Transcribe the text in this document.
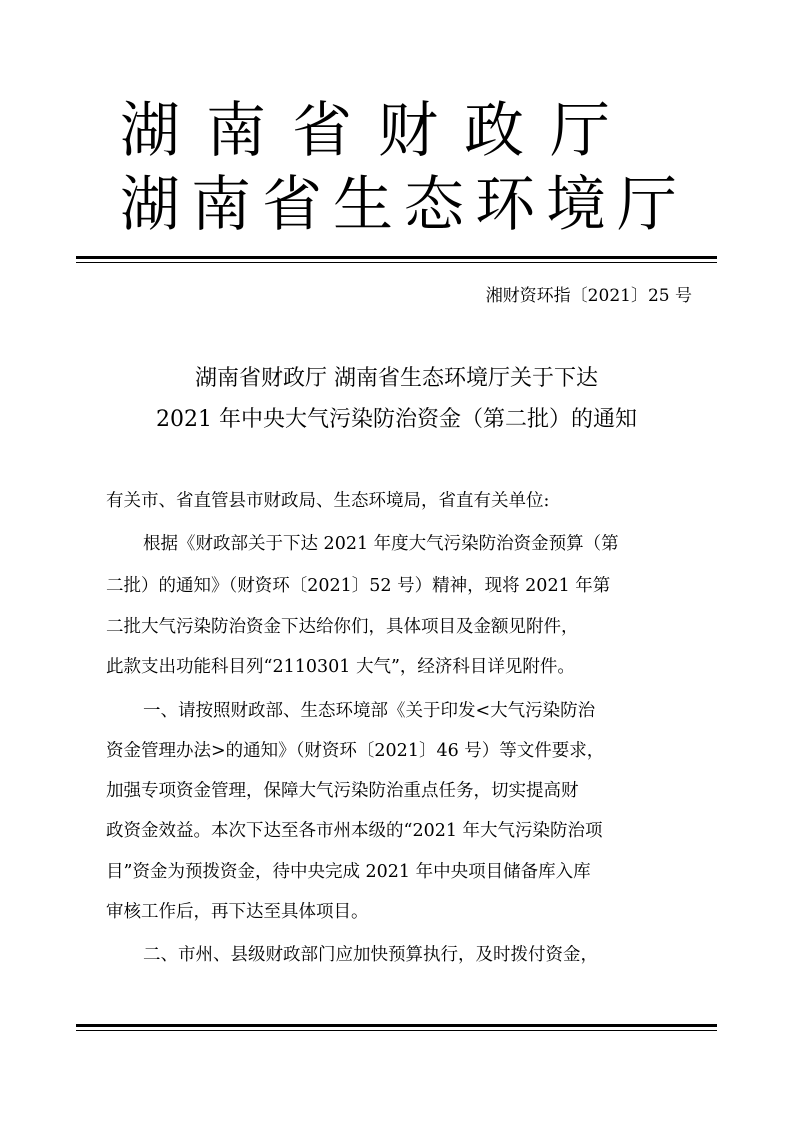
湖南省财政厅
湖南省生态环境厅
湘财资环指〔2021〕25 号
湖南省财政厅 湖南省生态环境厅关于下达
2021 年中央大气污染防治资金（第二批）的通知
有关市、省直管县市财政局、生态环境局，省直有关单位:
根据《财政部关于下达 2021 年度大气污染防治资金预算（第
二批）的通知》（财资环〔2021〕52 号）精神，现将 2021 年第
二批大气污染防治资金下达给你们，具体项目及金额见附件，
此款支出功能科目列“2110301 大气”，经济科目详见附件。
一、请按照财政部、生态环境部《关于印发<大气污染防治
资金管理办法>的通知》（财资环〔2021〕46 号）等文件要求，
加强专项资金管理，保障大气污染防治重点任务，切实提高财
政资金效益。本次下达至各市州本级的“2021 年大气污染防治项
目”资金为预拨资金，待中央完成 2021 年中央项目储备库入库
审核工作后，再下达至具体项目。
二、市州、县级财政部门应加快预算执行，及时拨付资金，
